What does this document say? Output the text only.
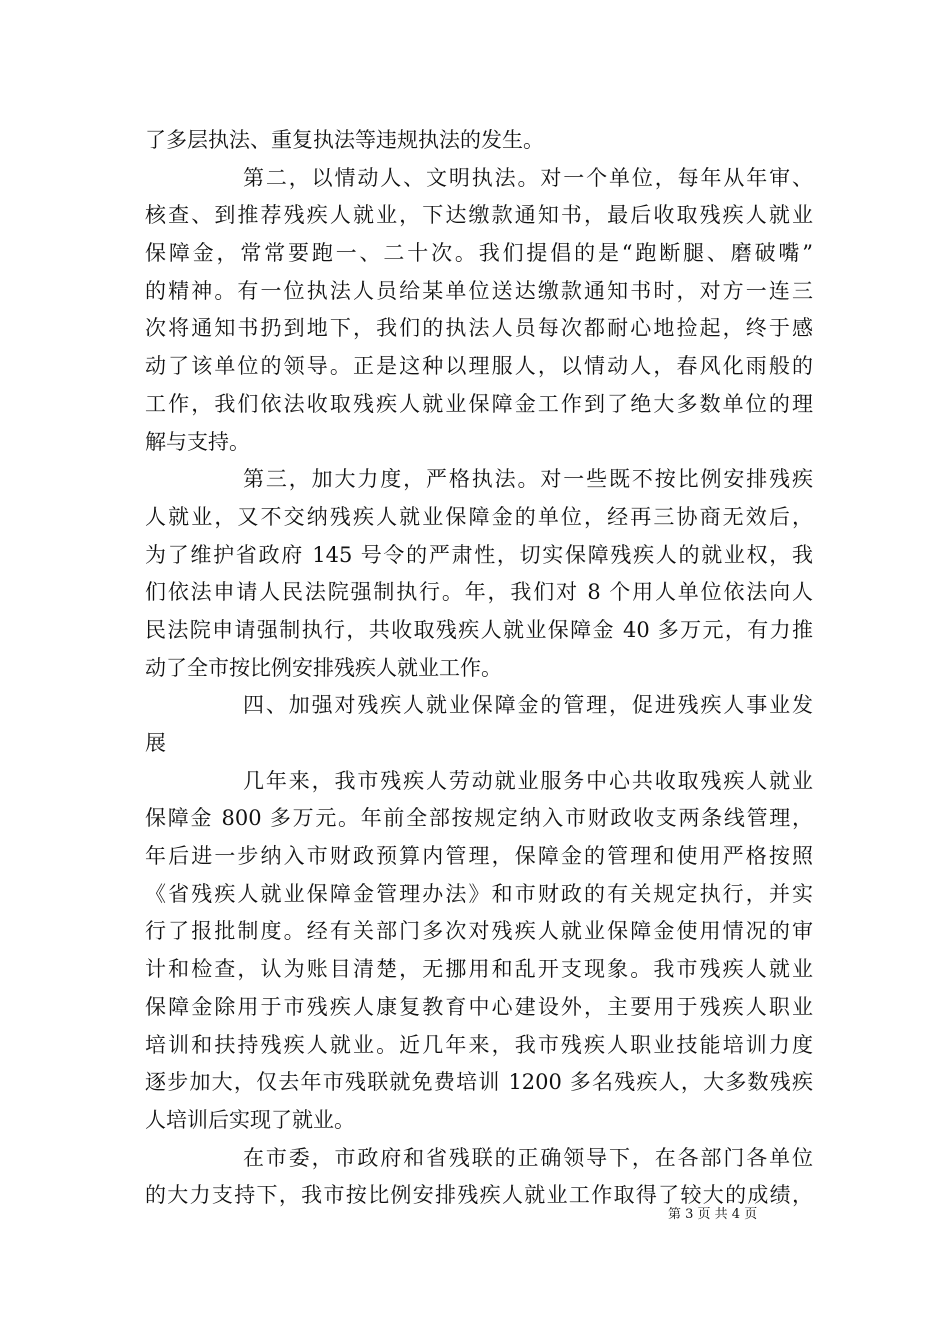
了多层执法、重复执法等违规执法的发生。
第二，以情动人、文明执法。对一个单位，每年从年审、
核查、到推荐残疾人就业，下达缴款通知书，最后收取残疾人就业
保障金，常常要跑一、二十次。我们提倡的是“跑断腿、磨破嘴”
的精神。有一位执法人员给某单位送达缴款通知书时，对方一连三
次将通知书扔到地下，我们的执法人员每次都耐心地捡起，终于感
动了该单位的领导。正是这种以理服人，以情动人，春风化雨般的
工作，我们依法收取残疾人就业保障金工作到了绝大多数单位的理
解与支持。
第三，加大力度，严格执法。对一些既不按比例安排残疾
人就业，又不交纳残疾人就业保障金的单位，经再三协商无效后，
为了维护省政府 145 号令的严肃性，切实保障残疾人的就业权，我
们依法申请人民法院强制执行。年，我们对 8 个用人单位依法向人
民法院申请强制执行，共收取残疾人就业保障金 40 多万元，有力推
动了全市按比例安排残疾人就业工作。
四、加强对残疾人就业保障金的管理，促进残疾人事业发
展
几年来，我市残疾人劳动就业服务中心共收取残疾人就业
保障金 800 多万元。年前全部按规定纳入市财政收支两条线管理，
年后进一步纳入市财政预算内管理，保障金的管理和使用严格按照
《省残疾人就业保障金管理办法》和市财政的有关规定执行，并实
行了报批制度。经有关部门多次对残疾人就业保障金使用情况的审
计和检查，认为账目清楚，无挪用和乱开支现象。我市残疾人就业
保障金除用于市残疾人康复教育中心建设外，主要用于残疾人职业
培训和扶持残疾人就业。近几年来，我市残疾人职业技能培训力度
逐步加大，仅去年市残联就免费培训 1200 多名残疾人，大多数残疾
人培训后实现了就业。
在市委，市政府和省残联的正确领导下，在各部门各单位
的大力支持下，我市按比例安排残疾人就业工作取得了较大的成绩，
第 3 页 共 4 页
